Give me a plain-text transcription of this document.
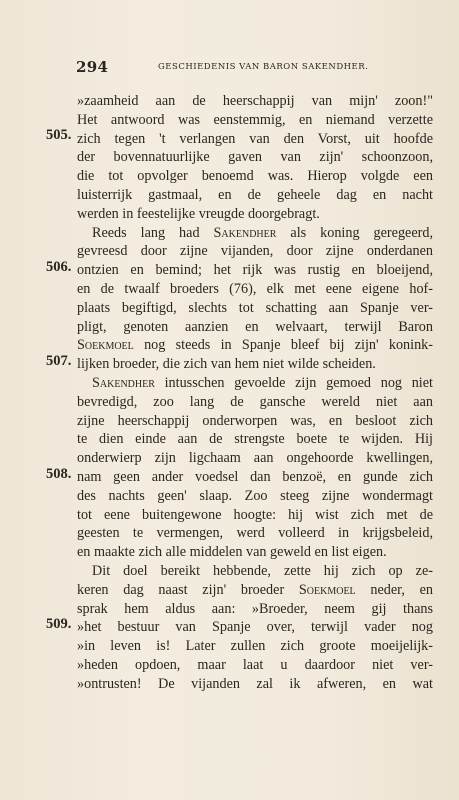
294	GESCHIEDENIS VAN BARON SAKENDHER.
505.
506.
507.
508.
509.
»zaamheid aan de heerschappij van mijn' zoon!"
Het antwoord was eenstemmig, en niemand verzette
zich tegen 't verlangen van den Vorst, uit hoofde
der bovennatuurlijke gaven van zijn' schoonzoon,
die tot opvolger benoemd was. Hierop volgde een
luisterrijk gastmaal, en de geheele dag en nacht
werden in feestelijke vreugde doorgebragt.
Reeds lang had Sakendher als koning geregeerd,
gevreesd door zijne vijanden, door zijne onderdanen
ontzien en bemind; het rijk was rustig en bloeijend,
en de twaalf broeders (76), elk met eene eigene hof-
plaats begiftigd, slechts tot schatting aan Spanje ver-
pligt, genoten aanzien en welvaart, terwijl Baron
Soekmoel nog steeds in Spanje bleef bij zijn' konink-
lijken broeder, die zich van hem niet wilde scheiden.
Sakendher intusschen gevoelde zijn gemoed nog niet
bevredigd, zoo lang de gansche wereld niet aan
zijne heerschappij onderworpen was, en besloot zich
te dien einde aan de strengste boete te wijden. Hij
onderwierp zijn ligchaam aan ongehoorde kwellingen,
nam geen ander voedsel dan benzoë, en gunde zich
des nachts geen' slaap. Zoo steeg zijne wondermagt
tot eene buitengewone hoogte: hij wist zich met de
geesten te vermengen, werd volleerd in krijgsbeleid,
en maakte zich alle middelen van geweld en list eigen.
Dit doel bereikt hebbende, zette hij zich op ze-
keren dag naast zijn' broeder Soekmoel neder, en
sprak hem aldus aan: »Broeder, neem gij thans
»het bestuur van Spanje over, terwijl vader nog
»in leven is! Later zullen zich groote moeijelijk-
»heden opdoen, maar laat u daardoor niet ver-
»ontrusten! De vijanden zal ik afweren, en wat
